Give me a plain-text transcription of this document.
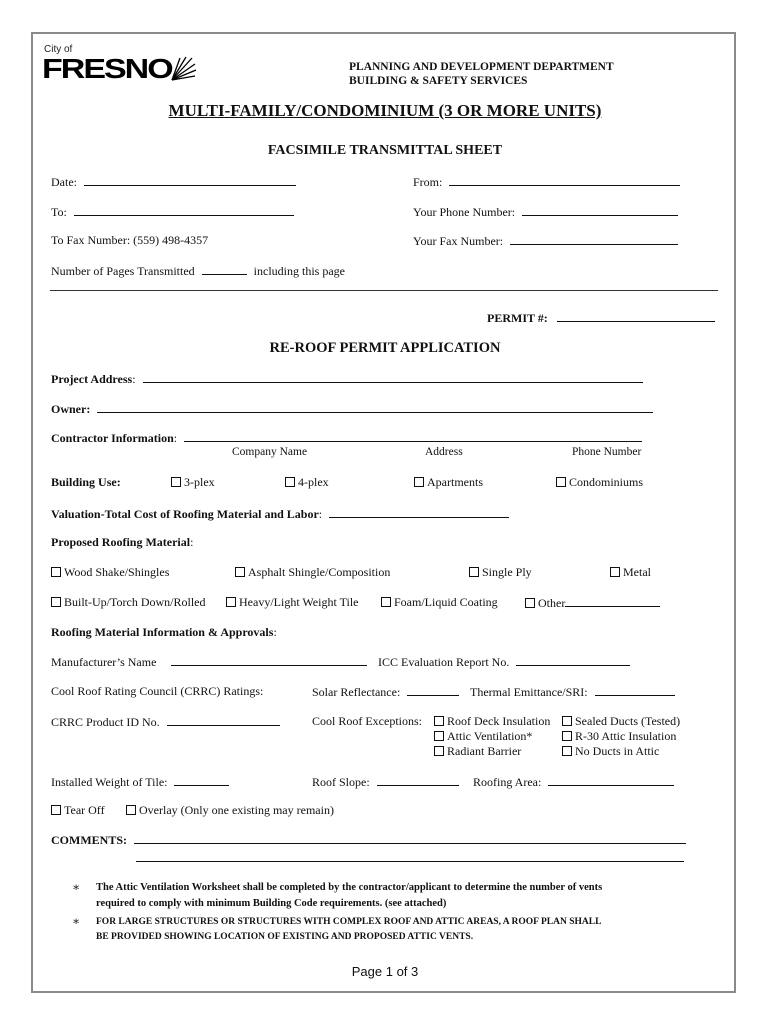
City of
FRESNO	PLANNING AND DEVELOPMENT DEPARTMENT
BUILDING & SAFETY SERVICES
MULTI-FAMILY/CONDOMINIUM (3 OR MORE UNITS)
FACSIMILE TRANSMITTAL SHEET
Date:	From:
To:	Your Phone Number:
To Fax Number: (559) 498-4357	Your Fax Number:
Number of Pages Transmitted	including this page
PERMIT #:
RE-ROOF PERMIT APPLICATION
Project Address:
Owner:
Contractor Information:
Company Name	Address	Phone Number
Building Use:	3-plex	4-plex	Apartments	Condominiums
Valuation-Total Cost of Roofing Material and Labor:
Proposed Roofing Material:
Wood Shake/Shingles	Asphalt Shingle/Composition	Single Ply	Metal
Built-Up/Torch Down/Rolled	Heavy/Light Weight Tile	Foam/Liquid Coating	Other
Roofing Material Information & Approvals:
Manufacturer’s Name	ICC Evaluation Report No.
Cool Roof Rating Council (CRRC) Ratings:	Solar Reflectance:	Thermal Emittance/SRI:
CRRC Product ID No.	Cool Roof Exceptions:	Roof Deck Insulation	Sealed Ducts (Tested)
Attic Ventilation*	R-30 Attic Insulation
Radiant Barrier	No Ducts in Attic
Installed Weight of Tile:	Roof Slope:	Roofing Area:
Tear Off	Overlay (Only one existing may remain)
COMMENTS:
∗ The Attic Ventilation Worksheet shall be completed by the contractor/applicant to determine the number of vents
required to comply with minimum Building Code requirements. (see attached)
∗ FOR LARGE STRUCTURES OR STRUCTURES WITH COMPLEX ROOF AND ATTIC AREAS, A ROOF PLAN SHALL
BE PROVIDED SHOWING LOCATION OF EXISTING AND PROPOSED ATTIC VENTS.
Page 1 of 3
